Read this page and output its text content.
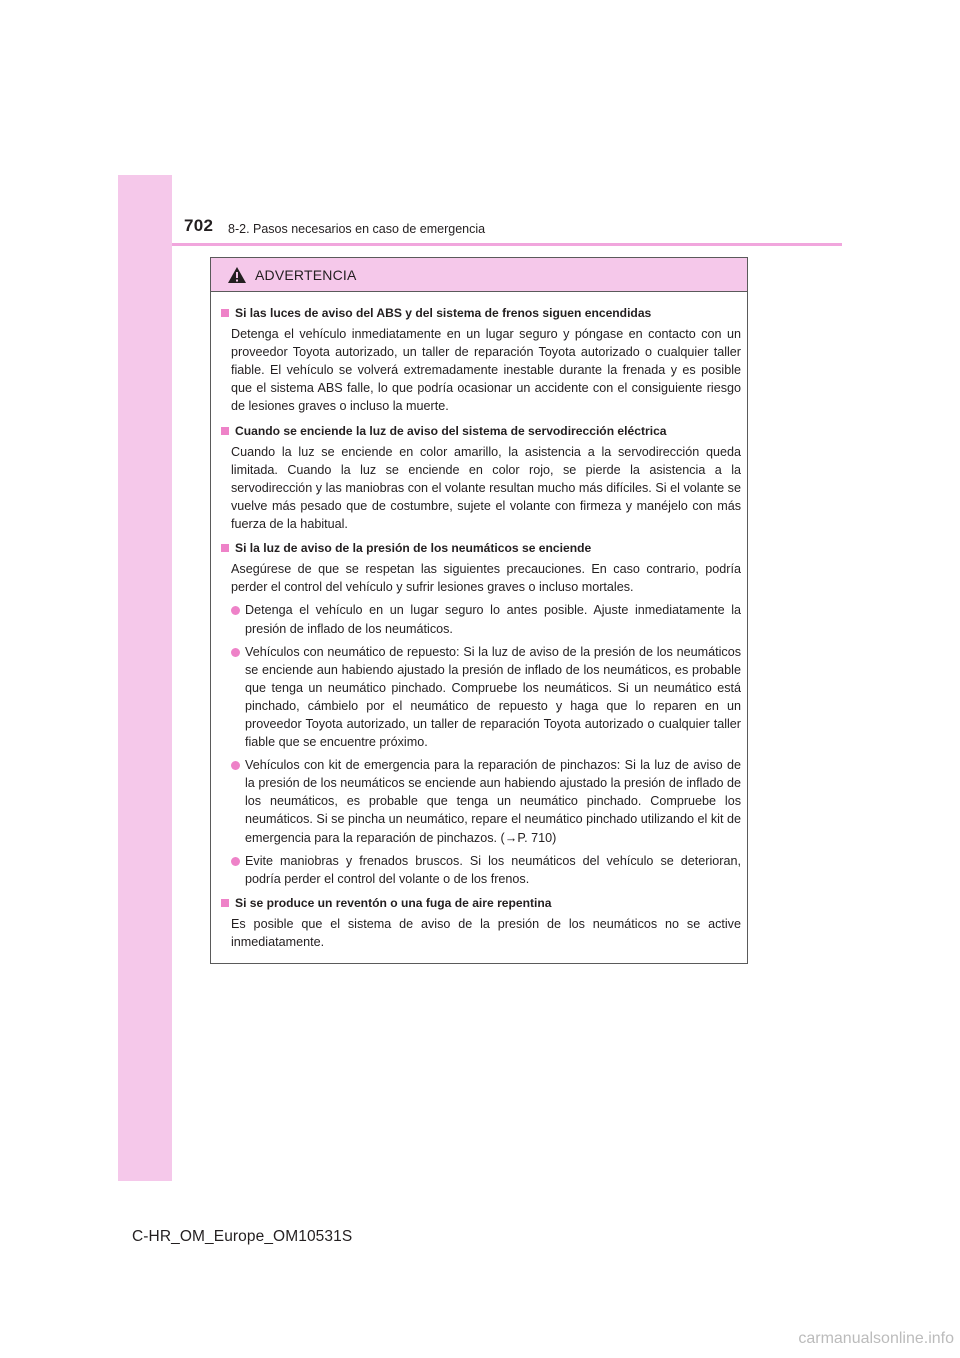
702 8-2. Pasos necesarios en caso de emergencia
ADVERTENCIA
Si las luces de aviso del ABS y del sistema de frenos siguen encendidas
Detenga el vehículo inmediatamente en un lugar seguro y póngase en contacto con un proveedor Toyota autorizado, un taller de reparación Toyota autorizado o cualquier taller fiable. El vehículo se volverá extremadamente inestable durante la frenada y es posible que el sistema ABS falle, lo que podría ocasionar un accidente con el consiguiente riesgo de lesiones graves o incluso la muerte.
Cuando se enciende la luz de aviso del sistema de servodirección eléctrica
Cuando la luz se enciende en color amarillo, la asistencia a la servodirección queda limitada. Cuando la luz se enciende en color rojo, se pierde la asistencia a la servodirección y las maniobras con el volante resultan mucho más difíciles. Si el volante se vuelve más pesado que de costumbre, sujete el volante con firmeza y manéjelo con más fuerza de la habitual.
Si la luz de aviso de la presión de los neumáticos se enciende
Asegúrese de que se respetan las siguientes precauciones. En caso contrario, podría perder el control del vehículo y sufrir lesiones graves o incluso mortales.
Detenga el vehículo en un lugar seguro lo antes posible. Ajuste inmediatamente la presión de inflado de los neumáticos.
Vehículos con neumático de repuesto: Si la luz de aviso de la presión de los neumáticos se enciende aun habiendo ajustado la presión de inflado de los neumáticos, es probable que tenga un neumático pinchado. Compruebe los neumáticos. Si un neumático está pinchado, cámbielo por el neumático de repuesto y haga que lo reparen en un proveedor Toyota autorizado, un taller de reparación Toyota autorizado o cualquier taller fiable que se encuentre próximo.
Vehículos con kit de emergencia para la reparación de pinchazos: Si la luz de aviso de la presión de los neumáticos se enciende aun habiendo ajustado la presión de inflado de los neumáticos, es probable que tenga un neumático pinchado. Compruebe los neumáticos. Si se pincha un neumático, repare el neumático pinchado utilizando el kit de emergencia para la reparación de pinchazos. (→P. 710)
Evite maniobras y frenados bruscos. Si los neumáticos del vehículo se deterioran, podría perder el control del volante o de los frenos.
Si se produce un reventón o una fuga de aire repentina
Es posible que el sistema de aviso de la presión de los neumáticos no se active inmediatamente.
C-HR_OM_Europe_OM10531S
carmanualsonline.info
